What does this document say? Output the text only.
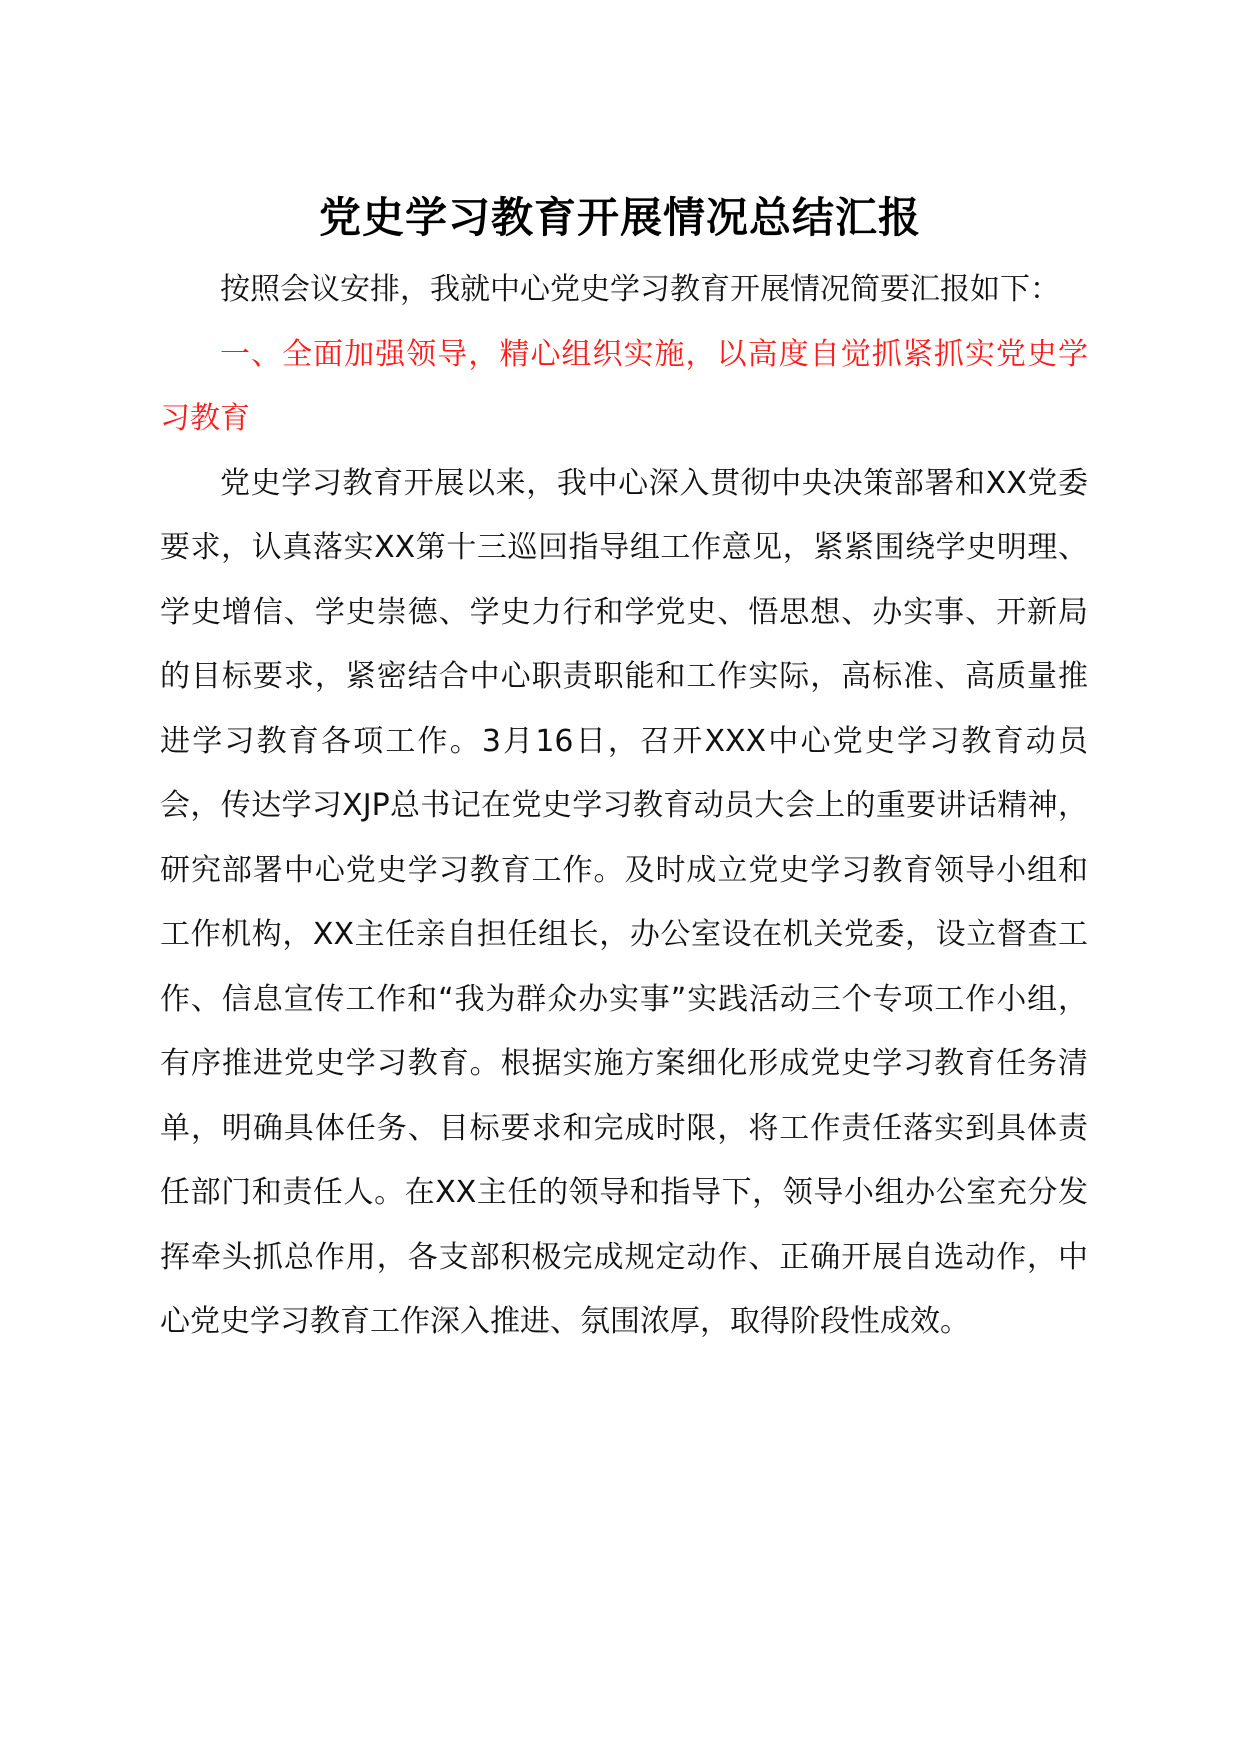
党史学习教育开展情况总结汇报

按照会议安排，我就中心党史学习教育开展情况简要汇报如下：

一、全面加强领导，精心组织实施，以高度自觉抓紧抓实党史学习教育

党史学习教育开展以来，我中心深入贯彻中央决策部署和XX党委要求，认真落实XX第十三巡回指导组工作意见，紧紧围绕学史明理、学史增信、学史崇德、学史力行和学党史、悟思想、办实事、开新局的目标要求，紧密结合中心职责职能和工作实际，高标准、高质量推进学习教育各项工作。3月16日，召开XXX中心党史学习教育动员会，传达学习XJP总书记在党史学习教育动员大会上的重要讲话精神，研究部署中心党史学习教育工作。及时成立党史学习教育领导小组和工作机构，XX主任亲自担任组长，办公室设在机关党委，设立督查工作、信息宣传工作和“我为群众办实事”实践活动三个专项工作小组，有序推进党史学习教育。根据实施方案细化形成党史学习教育任务清单，明确具体任务、目标要求和完成时限，将工作责任落实到具体责任部门和责任人。在XX主任的领导和指导下，领导小组办公室充分发挥牵头抓总作用，各支部积极完成规定动作、正确开展自选动作，中心党史学习教育工作深入推进、氛围浓厚，取得阶段性成效。
